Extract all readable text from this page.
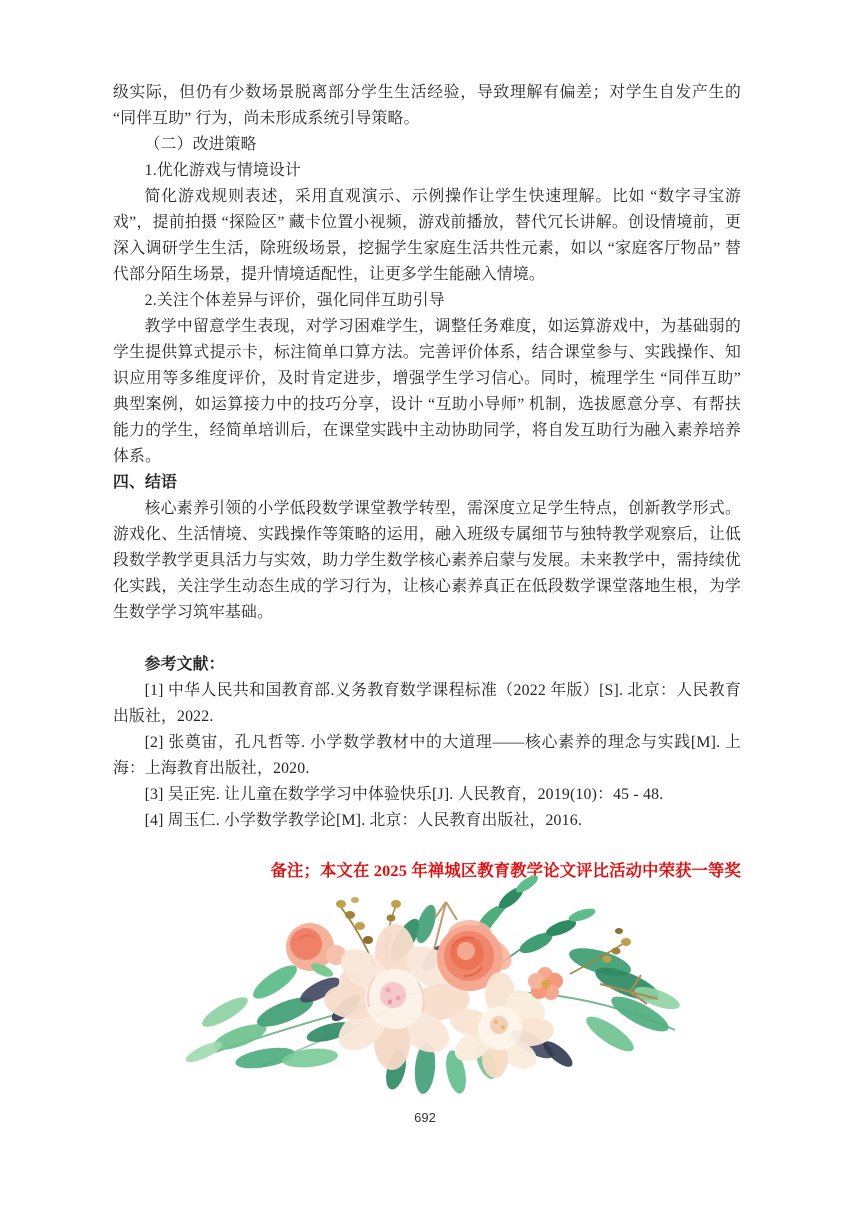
级实际，但仍有少数场景脱离部分学生生活经验，导致理解有偏差；对学生自发产生的 “同伴互助” 行为，尚未形成系统引导策略。

（二）改进策略

1.优化游戏与情境设计

简化游戏规则表述，采用直观演示、示例操作让学生快速理解。比如 “数字寻宝游戏”，提前拍摄 “探险区” 藏卡位置小视频，游戏前播放，替代冗长讲解。创设情境前，更深入调研学生生活，除班级场景，挖掘学生家庭生活共性元素，如以 “家庭客厅物品” 替代部分陌生场景，提升情境适配性，让更多学生能融入情境。

2.关注个体差异与评价，强化同伴互助引导

教学中留意学生表现，对学习困难学生，调整任务难度，如运算游戏中，为基础弱的学生提供算式提示卡，标注简单口算方法。完善评价体系，结合课堂参与、实践操作、知识应用等多维度评价，及时肯定进步，增强学生学习信心。同时，梳理学生 “同伴互助” 典型案例，如运算接力中的技巧分享，设计 “互助小导师” 机制，选拔愿意分享、有帮扶能力的学生，经简单培训后，在课堂实践中主动协助同学，将自发互助行为融入素养培养体系。

四、结语

核心素养引领的小学低段数学课堂教学转型，需深度立足学生特点，创新教学形式。游戏化、生活情境、实践操作等策略的运用，融入班级专属细节与独特教学观察后，让低段数学教学更具活力与实效，助力学生数学核心素养启蒙与发展。未来教学中，需持续优化实践，关注学生动态生成的学习行为，让核心素养真正在低段数学课堂落地生根，为学生数学学习筑牢基础。

参考文献：

[1] 中华人民共和国教育部.义务教育数学课程标准（2022 年版）[S]. 北京：人民教育出版社，2022.

[2] 张奠宙，孔凡哲等. 小学数学教材中的大道理——核心素养的理念与实践[M]. 上海：上海教育出版社，2020.

[3] 吴正宪. 让儿童在数学学习中体验快乐[J]. 人民教育，2019(10)：45 - 48.

[4] 周玉仁. 小学数学教学论[M]. 北京：人民教育出版社，2016.

备注；本文在 2025 年禅城区教育教学论文评比活动中荣获一等奖

692
